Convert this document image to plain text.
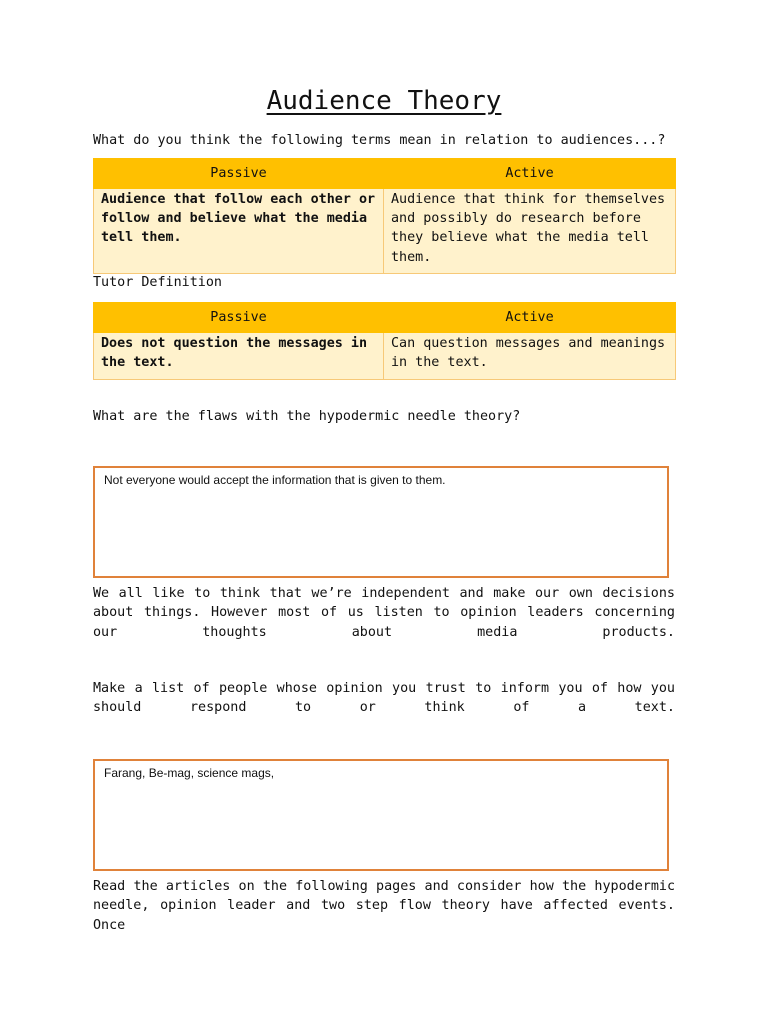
Audience Theory

What do you think the following terms mean in relation to audiences...?

Passive	Active
Audience that follow each other or follow and believe what the media tell them.	Audience that think for themselves and possibly do research before they believe what the media tell them.

Tutor Definition

Passive	Active
Does not question the messages in the text.	Can question messages and meanings in the text.

What are the flaws with the hypodermic needle theory?

Not everyone would accept the information that is given to them.

We all like to think that we’re independent and make our own decisions about things. However most of us listen to opinion leaders concerning our thoughts about media products.

Make a list of people whose opinion you trust to inform you of how you should respond to or think of a text.

Farang, Be-mag, science mags,

Read the articles on the following pages and consider how the hypodermic needle, opinion leader and two step flow theory have affected events. Once
